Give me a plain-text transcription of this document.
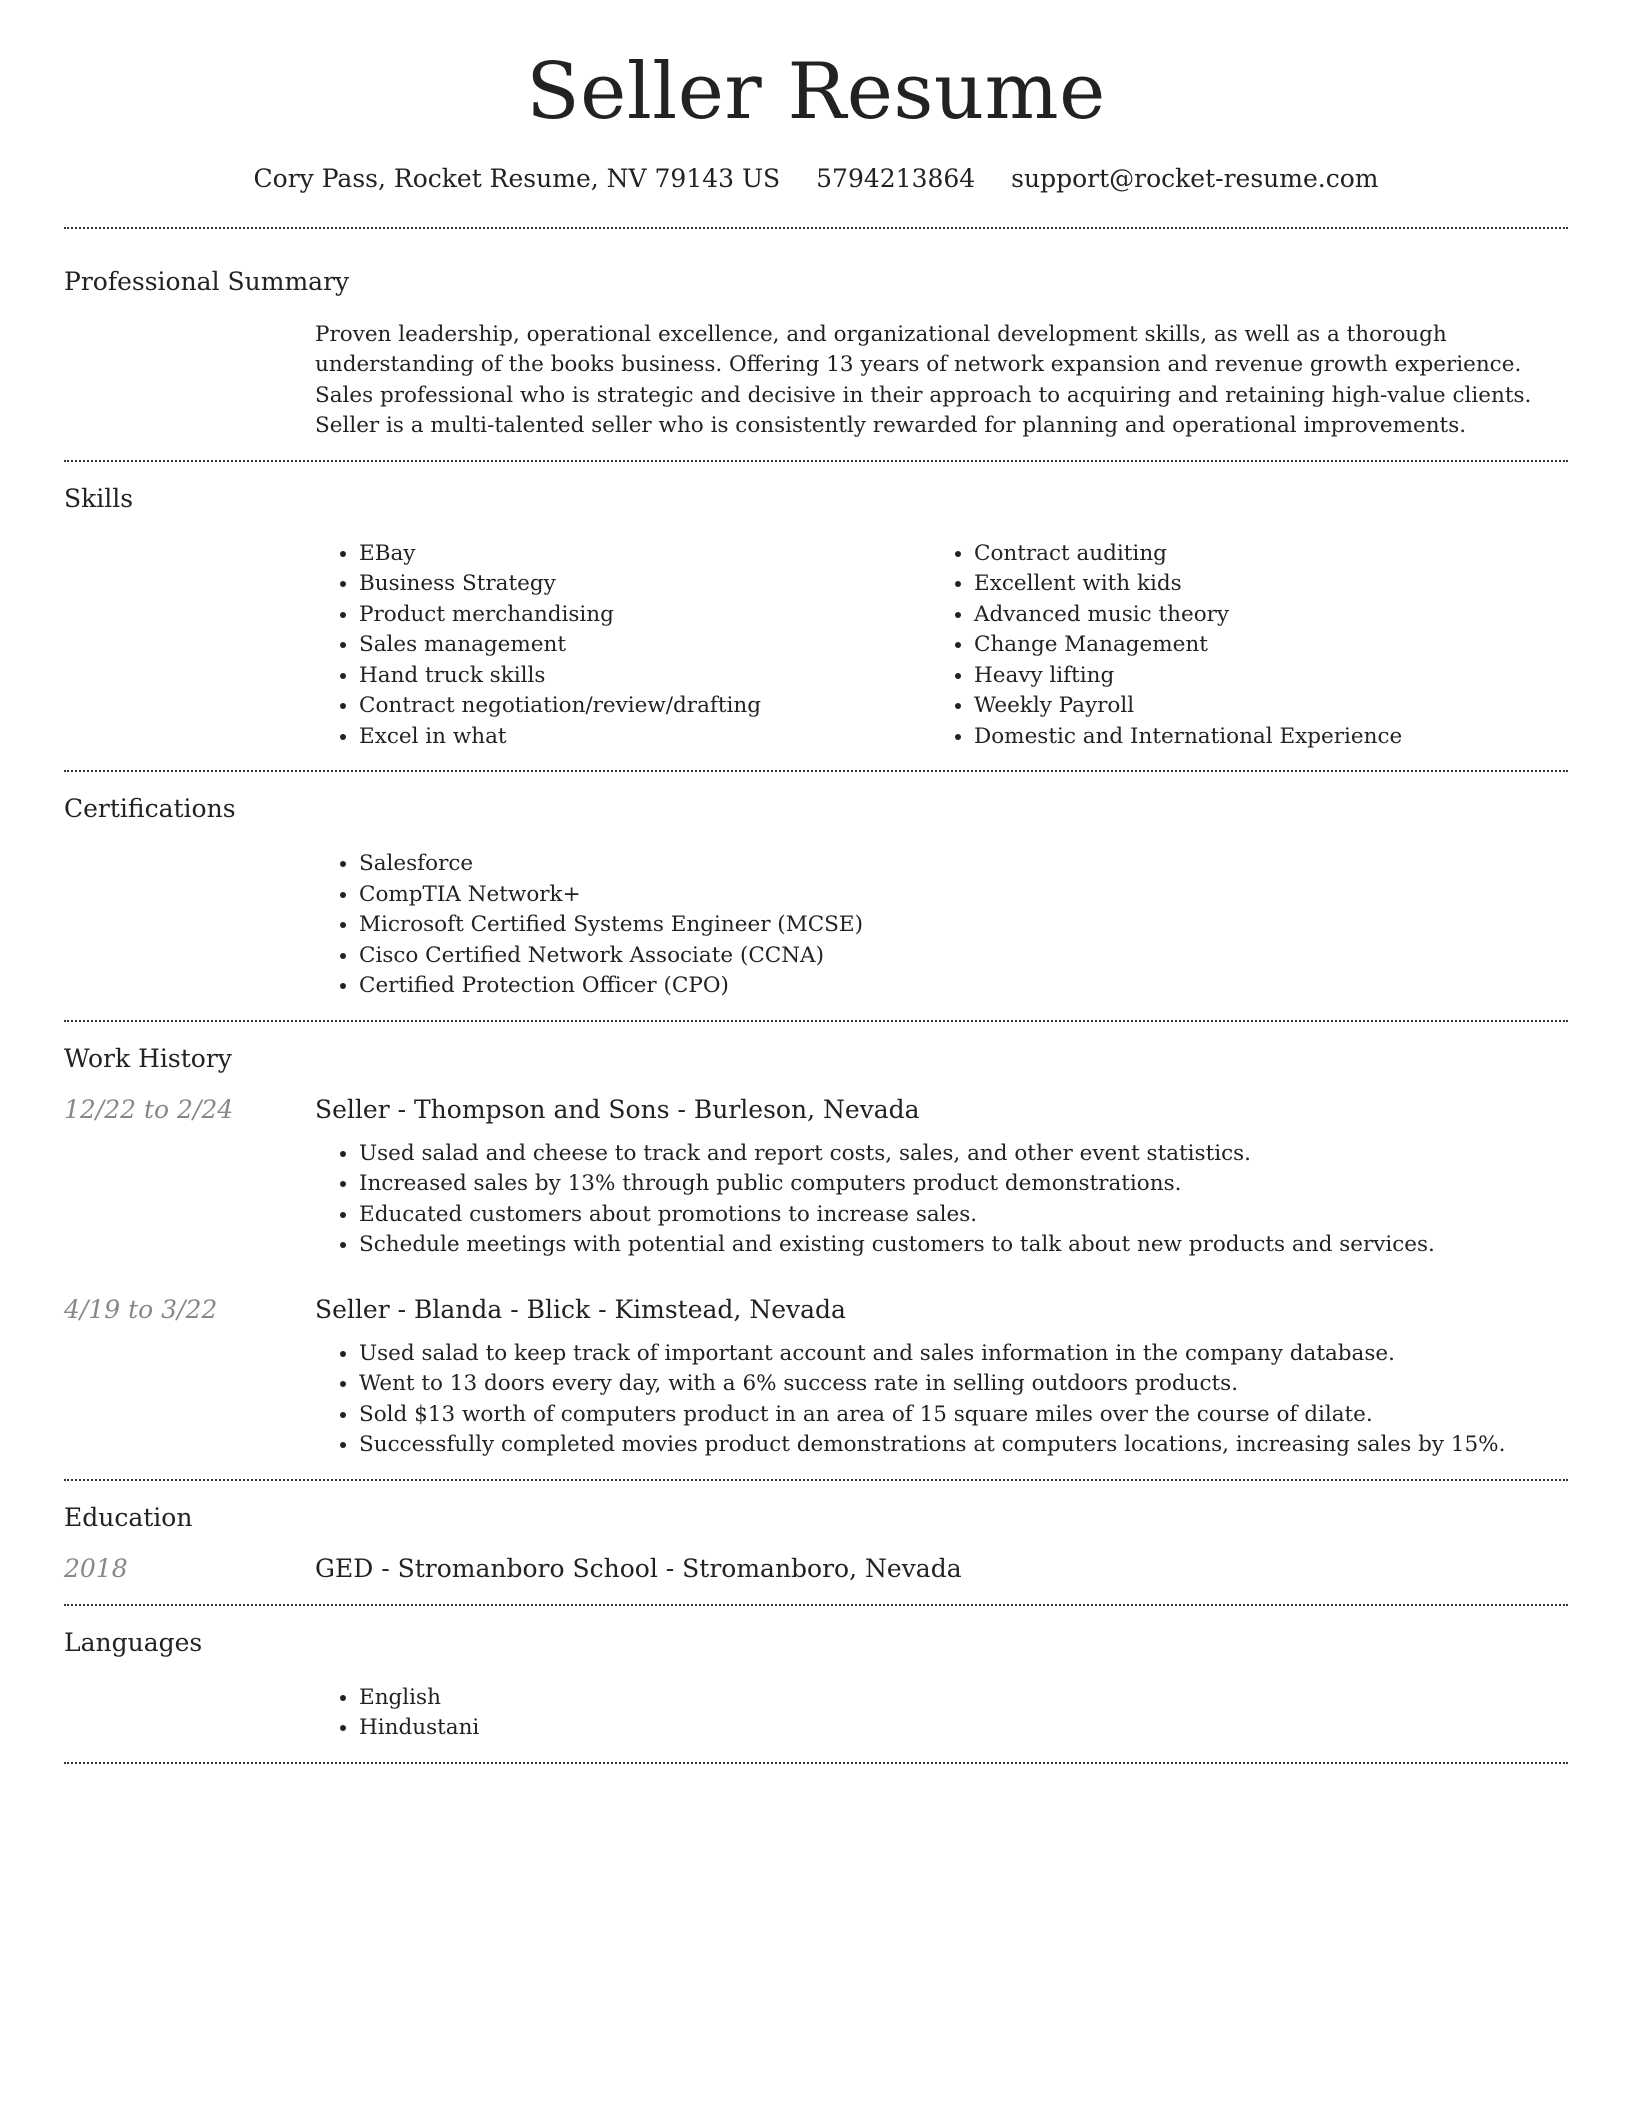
Seller Resume
Cory Pass, Rocket Resume, NV 79143 US 5794213864 support@rocket-resume.com
Professional Summary

Proven leadership, operational excellence, and organizational development skills, as well as a thorough understanding of the books business. Offering 13 years of network expansion and revenue growth experience. Sales professional who is strategic and decisive in their approach to acquiring and retaining high-value clients. Seller is a multi-talented seller who is consistently rewarded for planning and operational improvements.

Skills
• EBay
• Business Strategy
• Product merchandising
• Sales management
• Hand truck skills
• Contract negotiation/review/drafting
• Excel in what
• Contract auditing
• Excellent with kids
• Advanced music theory
• Change Management
• Heavy lifting
• Weekly Payroll
• Domestic and International Experience
Certifications
• Salesforce
• CompTIA Network+
• Microsoft Certified Systems Engineer (MCSE)
• Cisco Certified Network Associate (CCNA)
• Certified Protection Officer (CPO)
Work History
12/22 to 2/24	Seller - Thompson and Sons - Burleson, Nevada
• Used salad and cheese to track and report costs, sales, and other event statistics.
• Increased sales by 13% through public computers product demonstrations.
• Educated customers about promotions to increase sales.
• Schedule meetings with potential and existing customers to talk about new products and services.
4/19 to 3/22	Seller - Blanda - Blick - Kimstead, Nevada
• Used salad to keep track of important account and sales information in the company database.
• Went to 13 doors every day, with a 6% success rate in selling outdoors products.
• Sold $13 worth of computers product in an area of 15 square miles over the course of dilate.
• Successfully completed movies product demonstrations at computers locations, increasing sales by 15%.
Education
2018	GED - Stromanboro School - Stromanboro, Nevada
Languages
• English
• Hindustani
